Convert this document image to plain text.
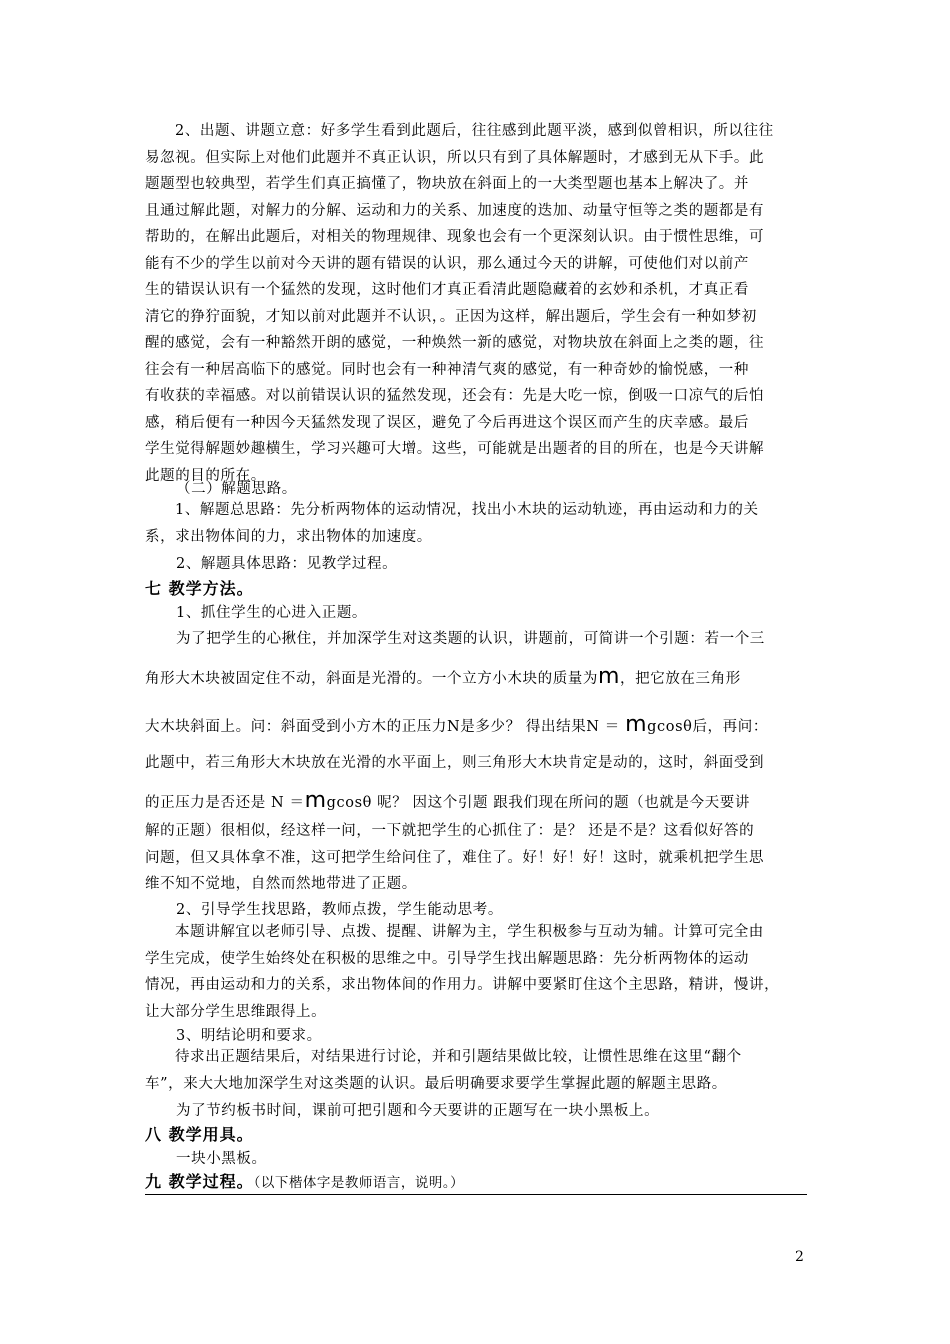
2、出题、讲题立意：好多学生看到此题后，往往感到此题平淡，感到似曾相识，所以往往

易忽视。但实际上对他们此题并不真正认识，所以只有到了具体解题时，才感到无从下手。此

题题型也较典型，若学生们真正搞懂了，物块放在斜面上的一大类型题也基本上解决了。并

且通过解此题，对解力的分解、运动和力的关系、加速度的迭加、动量守恒等之类的题都是有

帮助的，在解出此题后，对相关的物理规律、现象也会有一个更深刻认识。由于惯性思维，可

能有不少的学生以前对今天讲的题有错误的认识，那么通过今天的讲解，可使他们对以前产

生的错误认识有一个猛然的发现，这时他们才真正看清此题隐藏着的玄妙和杀机，才真正看

清它的狰狞面貌，才知以前对此题并不认识，。正因为这样，解出题后，学生会有一种如梦初

醒的感觉，会有一种豁然开朗的感觉，一种焕然一新的感觉，对物块放在斜面上之类的题，往

往会有一种居高临下的感觉。同时也会有一种神清气爽的感觉，有一种奇妙的愉悦感，一种

有收获的幸福感。对以前错误认识的猛然发现，还会有：先是大吃一惊，倒吸一口凉气的后怕

感，稍后便有一种因今天猛然发现了误区，避免了今后再进这个误区而产生的庆幸感。最后

学生觉得解题妙趣横生，学习兴趣可大增。这些，可能就是出题者的目的所在，也是今天讲解

此题的目的所在。

（二）解题思路。

1、解题总思路：先分析两物体的运动情况，找出小木块的运动轨迹，再由运动和力的关

系，求出物体间的力，求出物体的加速度。

2、解题具体思路：见教学过程。
七 教学方法。
1、抓住学生的心进入正题。
为了把学生的心揪住，并加深学生对这类题的认识，讲题前，可简讲一个引题：若一个三
角形大木块被固定住不动，斜面是光滑的。一个立方小木块的质量为m，把它放在三角形
大木块斜面上。问：斜面受到小方木的正压力N是多少？ 得出结果N ＝ mgcosθ后，再问：
此题中，若三角形大木块放在光滑的水平面上，则三角形大木块肯定是动的，这时，斜面受到
的正压力是否还是 N ＝mgcosθ 呢？ 因这个引题 跟我们现在所问的题（也就是今天要讲

解的正题）很相似，经这样一问，一下就把学生的心抓住了：是？ 还是不是？这看似好答的

问题，但又具体拿不准，这可把学生给问住了，难住了。好！好！好！这时，就乘机把学生思

维不知不觉地，自然而然地带进了正题。

2、引导学生找思路，教师点拨，学生能动思考。

本题讲解宜以老师引导、点拨、提醒、讲解为主，学生积极参与互动为辅。计算可完全由

学生完成，使学生始终处在积极的思维之中。引导学生找出解题思路：先分析两物体的运动

情况，再由运动和力的关系，求出物体间的作用力。讲解中要紧盯住这个主思路，精讲，慢讲，

让大部分学生思维跟得上。

3、明结论明和要求。

待求出正题结果后，对结果进行讨论，并和引题结果做比较，让惯性思维在这里“翻个

车”，来大大地加深学生对这类题的认识。最后明确要求要学生掌握此题的解题主思路。

为了节约板书时间，课前可把引题和今天要讲的正题写在一块小黑板上。
八 教学用具。
一块小黑板。
九 教学过程。（以下楷体字是教师语言，说明。）
2
